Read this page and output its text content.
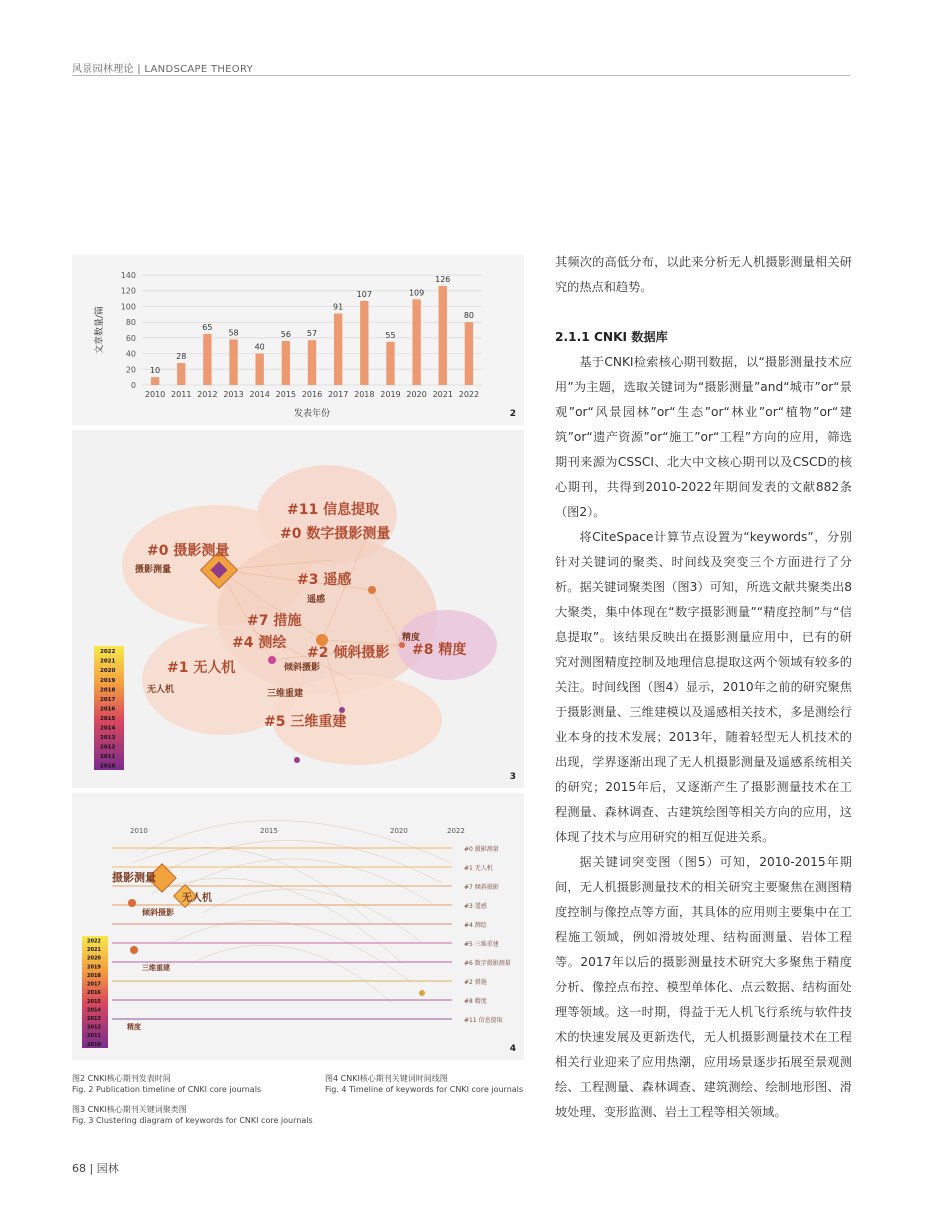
风景园林理论 | LANDSCAPE THEORY
0
20
40
60
80
100
120
140
10
2010
28
2011
65
2012
58
2013
40
2014
56
2015
57
2016
91
2017
107
2018
55
2019
109
2020
126
2021
80
2022
发表年份
文章数量/篇
2
#11 信息提取
#0 数字摄影测量
#0 摄影测量
#3 遥感
#7 措施
#4 测绘
#2 倾斜摄影 #8 精度
#1 无人机
#5 三维重建
摄影测量
遥感
倾斜摄影
无人机	三维重建
精度
2022
2021
2020
2019
2018
2017
2016
2015
2014
2013
2012
2011
2010
3
2010	2015	2020	2022
#0 摄影测量
#1 无人机
#7 倾斜摄影
#3 遥感
#4 测绘
#5 三维重建
#6 数字摄影测量
#2 措施
#8 精度
#11 信息提取
摄影测量
无人机
倾斜摄影
三维重建
精度
2022
2021
2020
2019
2018
2017
2016
2015
2014
2013
2012
2011
2010	4
图2 CNKI核心期刊发表时间
Fig. 2 Publication timeline of CNKI core journals
图4 CNKI核心期刊关键词时间线图
Fig. 4 Timeline of keywords for CNKI core journals
图3 CNKI核心期刊关键词聚类图
Fig. 3 Clustering diagram of keywords for CNKI core journals

其频次的高低分布，以此来分析无人机摄影测量相关研究的热点和趋势。

2.1.1 CNKI 数据库

基于CNKI检索核心期刊数据，以“摄影测量技术应用”为主题，选取关键词为“摄影测量”and“城市”or“景观”or“风景园林”or“生态”or“林业”or“植物”or“建筑”or“遗产资源”or“施工”or“工程”方向的应用，筛选期刊来源为CSSCI、北大中文核心期刊以及CSCD的核心期刊，共得到2010-2022年期间发表的文献882条（图2）。

将CiteSpace计算节点设置为“keywords”，分别针对关键词的聚类、时间线及突变三个方面进行了分析。据关键词聚类图（图3）可知，所选文献共聚类出8大聚类，集中体现在“数字摄影测量”“精度控制”与“信息提取”。该结果反映出在摄影测量应用中，已有的研究对测图精度控制及地理信息提取这两个领域有较多的关注。时间线图（图4）显示，2010年之前的研究聚焦于摄影测量、三维建模以及遥感相关技术，多是测绘行业本身的技术发展；2013年，随着轻型无人机技术的出现，学界逐渐出现了无人机摄影测量及遥感系统相关的研究；2015年后，又逐渐产生了摄影测量技术在工程测量、森林调查、古建筑绘图等相关方向的应用，这体现了技术与应用研究的相互促进关系。

据关键词突变图（图5）可知，2010-2015年期间，无人机摄影测量技术的相关研究主要聚焦在测图精度控制与像控点等方面，其具体的应用则主要集中在工程施工领域，例如滑坡处理、结构面测量、岩体工程等。2017年以后的摄影测量技术研究大多聚焦于精度分析、像控点布控、模型单体化、点云数据、结构面处理等领域。这一时期，得益于无人机飞行系统与软件技术的快速发展及更新迭代，无人机摄影测量技术在工程相关行业迎来了应用热潮，应用场景逐步拓展至景观测绘、工程测量、森林调查、建筑测绘、绘制地形图、滑坡处理、变形监测、岩土工程等相关领域。

68 | 园林
